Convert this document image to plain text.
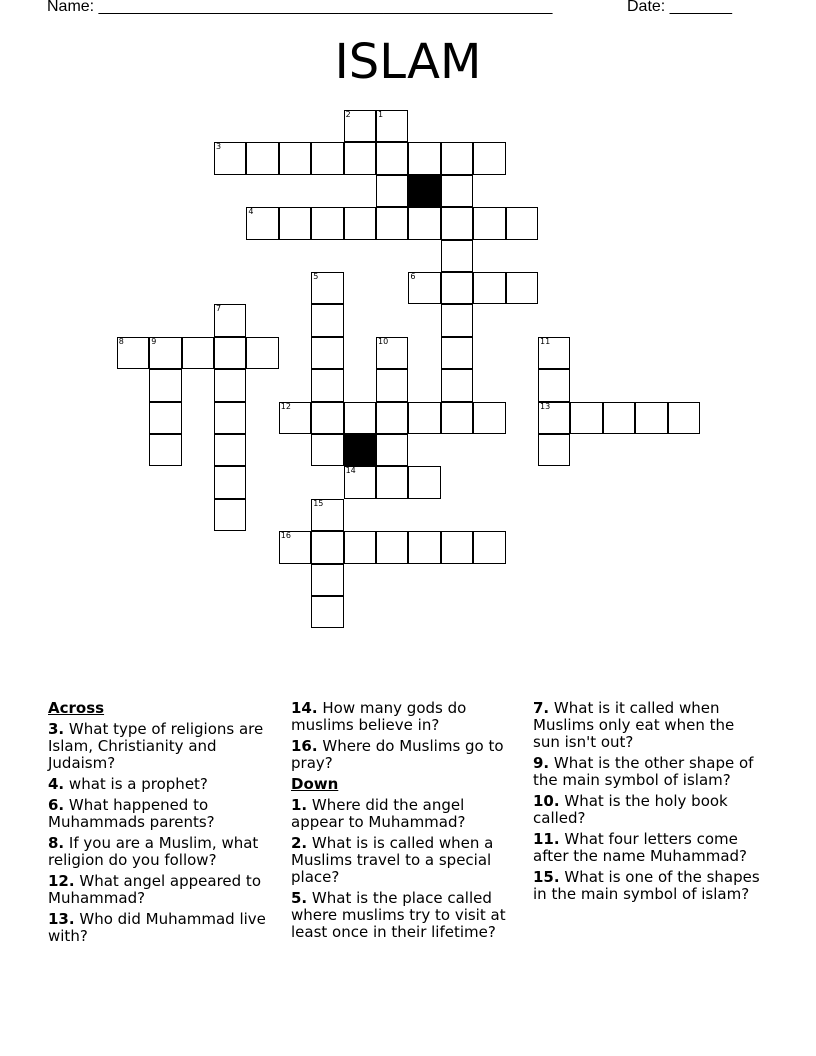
Name: ___________________________________________________	Date: _______
ISLAM
1
2
3
4
5	6
7
8	9	10	11
12	13
14
15
16
Across
3. What type of religions are Islam, Christianity and Judaism?
4. what is a prophet?
6. What happened to Muhammads parents?
8. If you are a Muslim, what religion do you follow?
12. What angel appeared to Muhammad?
13. Who did Muhammad live with?
14. How many gods do muslims believe in?
16. Where do Muslims go to pray?
Down
1. Where did the angel appear to Muhammad?
2. What is is called when a Muslims travel to a special place?
5. What is the place called where muslims try to visit at least once in their lifetime?
7. What is it called when Muslims only eat when the sun isn't out?
9. What is the other shape of the main symbol of islam?
10. What is the holy book called?
11. What four letters come after the name Muhammad?
15. What is one of the shapes in the main symbol of islam?
